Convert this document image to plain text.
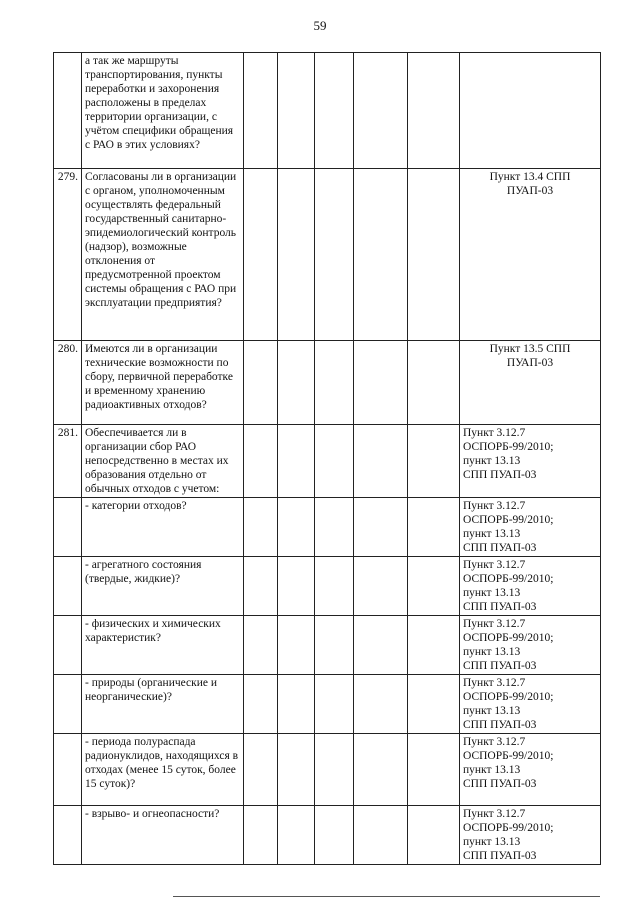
59
	а так же маршруты транспортирования, пункты переработки и захоронения расположены в пределах территории организации, с учётом специфики обращения с РАО в этих условиях?						
279.	Согласованы ли в организации с органом, уполномоченным осуществлять федеральный государственный санитарно-эпидемиологический контроль (надзор), возможные отклонения от предусмотренной проектом системы обращения с РАО при эксплуатации предприятия?						Пункт 13.4 СПП
ПУАП-03
280.	Имеются ли в организации технические возможности по сбору, первичной переработке и временному хранению радиоактивных отходов?						Пункт 13.5 СПП
ПУАП-03
281.	Обеспечивается ли в организации сбор РАО непосредственно в местах их образования отдельно от обычных отходов с учетом:						Пункт 3.12.7 ОСПОРБ-99/2010;
пункт 13.13
СПП ПУАП-03
	- категории отходов?						Пункт 3.12.7 ОСПОРБ-99/2010;
пункт 13.13
СПП ПУАП-03
	- агрегатного состояния (твердые, жидкие)?						Пункт 3.12.7 ОСПОРБ-99/2010;
пункт 13.13
СПП ПУАП-03
	- физических и химических характеристик?						Пункт 3.12.7 ОСПОРБ-99/2010;
пункт 13.13
СПП ПУАП-03
	- природы (органические и неорганические)?						Пункт 3.12.7 ОСПОРБ-99/2010;
пункт 13.13
СПП ПУАП-03
	- периода полураспада радионуклидов, находящихся в отходах (менее 15 суток, более 15 суток)?						Пункт 3.12.7 ОСПОРБ-99/2010;
пункт 13.13
СПП ПУАП-03
	- взрыво- и огнеопасности?						Пункт 3.12.7 ОСПОРБ-99/2010;
пункт 13.13
СПП ПУАП-03
